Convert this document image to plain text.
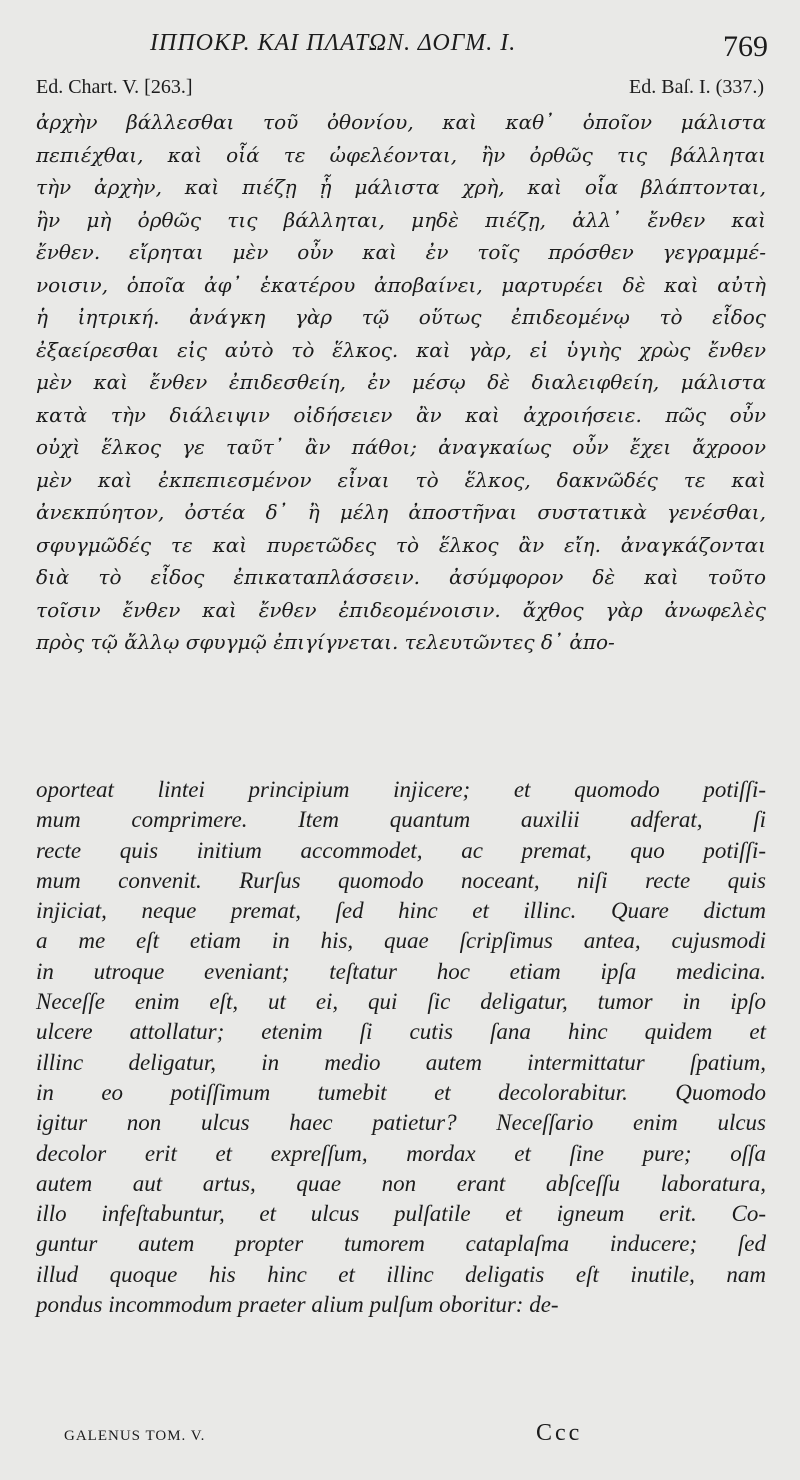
ΙΠΠΟΚΡ. ΚΑΙ ΠΛΑΤΩΝ. ΔΟΓΜ. Ι.	769
Ed. Chart. V. [263.]	Ed. Baſ. I. (337.)
ἀρχὴν βάλλεσθαι τοῦ ὀθονίου, καὶ καθ᾽ ὁποῖον μάλιστα
πεπιέχθαι, καὶ οἷά τε ὠφελέονται, ἢν ὀρθῶς τις βάλληται
τὴν ἀρχὴν, καὶ πιέζῃ ᾗ μάλιστα χρὴ, καὶ οἷα βλάπτονται,
ἢν μὴ ὀρθῶς τις βάλληται, μηδὲ πιέζῃ, ἀλλ᾽ ἔνθεν καὶ
ἔνθεν. εἴρηται μὲν οὖν καὶ ἐν τοῖς πρόσθεν γεγραμμέ-
νοισιν, ὁποῖα ἀφ᾽ ἑκατέρου ἀποβαίνει, μαρτυρέει δὲ καὶ αὐτὴ
ἡ ἰητρική. ἀνάγκη γὰρ τῷ οὕτως ἐπιδεομένῳ τὸ εἶδος
ἐξαείρεσθαι εἰς αὐτὸ τὸ ἕλκος. καὶ γὰρ, εἰ ὑγιὴς χρὼς ἔνθεν
μὲν καὶ ἔνθεν ἐπιδεσθείη, ἐν μέσῳ δὲ διαλειφθείη, μάλιστα
κατὰ τὴν διάλειψιν οἰδήσειεν ἂν καὶ ἀχροιήσειε. πῶς οὖν
οὐχὶ ἕλκος γε ταῦτ᾽ ἂν πάθοι; ἀναγκαίως οὖν ἔχει ἄχροον
μὲν καὶ ἐκπεπιεσμένον εἶναι τὸ ἕλκος, δακνῶδές τε καὶ
ἀνεκπύητον, ὀστέα δ᾽ ἢ μέλη ἀποστῆναι συστατικὰ γενέσθαι,
σφυγμῶδές τε καὶ πυρετῶδες τὸ ἕλκος ἂν εἴη. ἀναγκάζονται
διὰ τὸ εἶδος ἐπικαταπλάσσειν. ἀσύμφορον δὲ καὶ τοῦτο
τοῖσιν ἔνθεν καὶ ἔνθεν ἐπιδεομένοισιν. ἄχθος γὰρ ἀνωφελὲς
πρὸς τῷ ἄλλῳ σφυγμῷ ἐπιγίγνεται. τελευτῶντες δ᾽ ἀπο-
oporteat lintei principium injicere; et quomodo potiſſi-
mum comprimere. Item quantum auxilii adferat, ſi
recte quis initium accommodet, ac premat, quo potiſſi-
mum convenit. Rurſus quomodo noceant, niſi recte quis
injiciat, neque premat, ſed hinc et illinc. Quare dictum
a me eſt etiam in his, quae ſcripſimus antea, cujusmodi
in utroque eveniant; teſtatur hoc etiam ipſa medicina.
Neceſſe enim eſt, ut ei, qui ſic deligatur, tumor in ipſo
ulcere attollatur; etenim ſi cutis ſana hinc quidem et
illinc deligatur, in medio autem intermittatur ſpatium,
in eo potiſſimum tumebit et decolorabitur. Quomodo
igitur non ulcus haec patietur? Neceſſario enim ulcus
decolor erit et expreſſum, mordax et ſine pure; oſſa
autem aut artus, quae non erant abſceſſu laboratura,
illo infeſtabuntur, et ulcus pulſatile et igneum erit. Co-
guntur autem propter tumorem cataplaſma inducere; ſed
illud quoque his hinc et illinc deligatis eſt inutile, nam
pondus incommodum praeter alium pulſum oboritur: de-
GALENUS TOM. V.	Ccc
